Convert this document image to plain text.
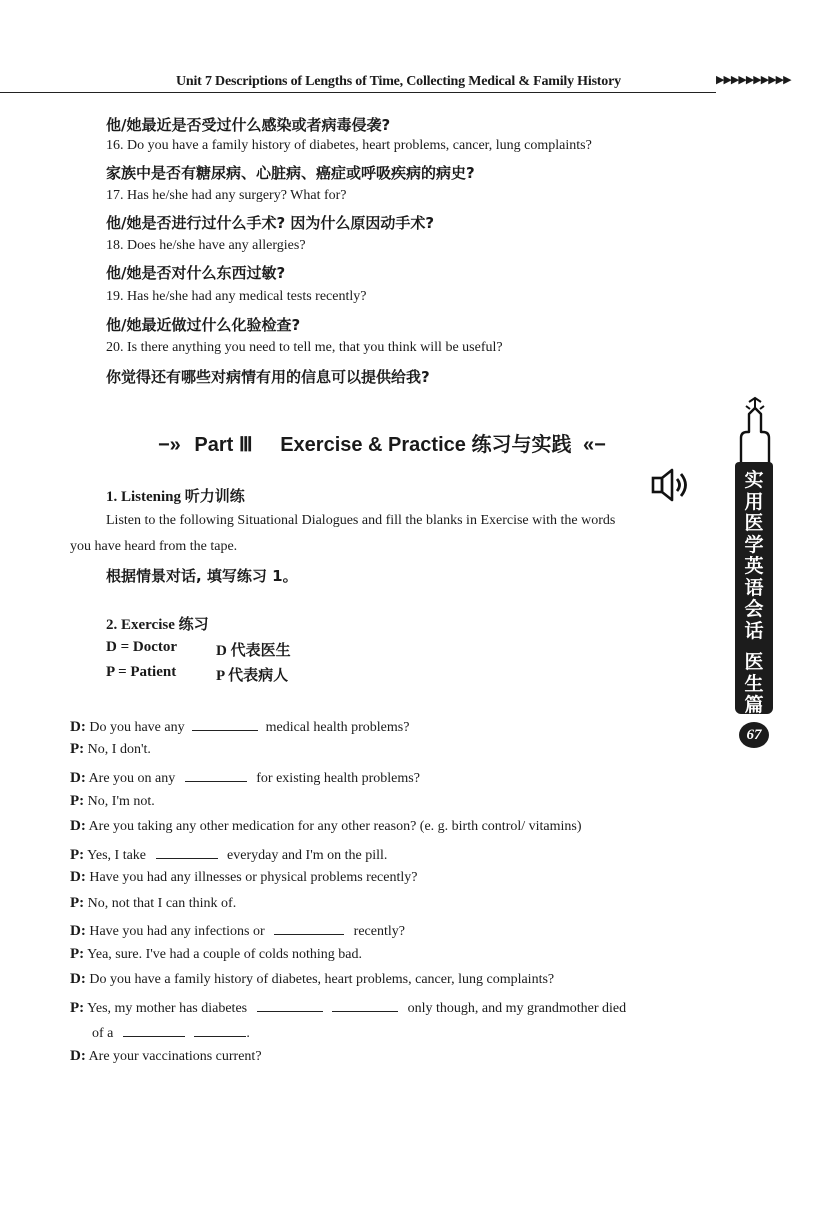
Unit 7 Descriptions of Lengths of Time, Collecting Medical & Family History	▶▶▶▶▶▶▶▶▶▶
他/她最近是否受过什么感染或者病毒侵袭?
16. Do you have a family history of diabetes, heart problems, cancer, lung complaints?
家族中是否有糖尿病、心脏病、癌症或呼吸疾病的病史?
17. Has he/she had any surgery? What for?
他/她是否进行过什么手术? 因为什么原因动手术?
18. Does he/she have any allergies?
他/她是否对什么东西过敏?
19. Has he/she had any medical tests recently?
他/她最近做过什么化验检查?
20. Is there anything you need to tell me, that you think will be useful?
你觉得还有哪些对病情有用的信息可以提供给我?
−» Part Ⅲ Exercise & Practice 练习与实践 «−
1. Listening 听力训练
Listen to the following Situational Dialogues and fill the blanks in Exercise with the words
you have heard from the tape.
根据情景对话, 填写练习 1。
2. Exercise 练习
D = Doctor	D 代表医生
P = Patient	P 代表病人
D: Do you have any	medical health problems?
P: No, I don't.
D: Are you on any	for existing health problems?
P: No, I'm not.
D: Are you taking any other medication for any other reason? (e. g. birth control/ vitamins)
P: Yes, I take	everyday and I'm on the pill.
D: Have you had any illnesses or physical problems recently?
P: No, not that I can think of.
D: Have you had any infections or	recently?
P: Yea, sure. I've had a couple of colds nothing bad.
D: Do you have a family history of diabetes, heart problems, cancer, lung complaints?
P: Yes, my mother has diabetes	only though, and my grandmother died
of a	.
D: Are your vaccinations current?
实用医学英语会话
医生篇
67
